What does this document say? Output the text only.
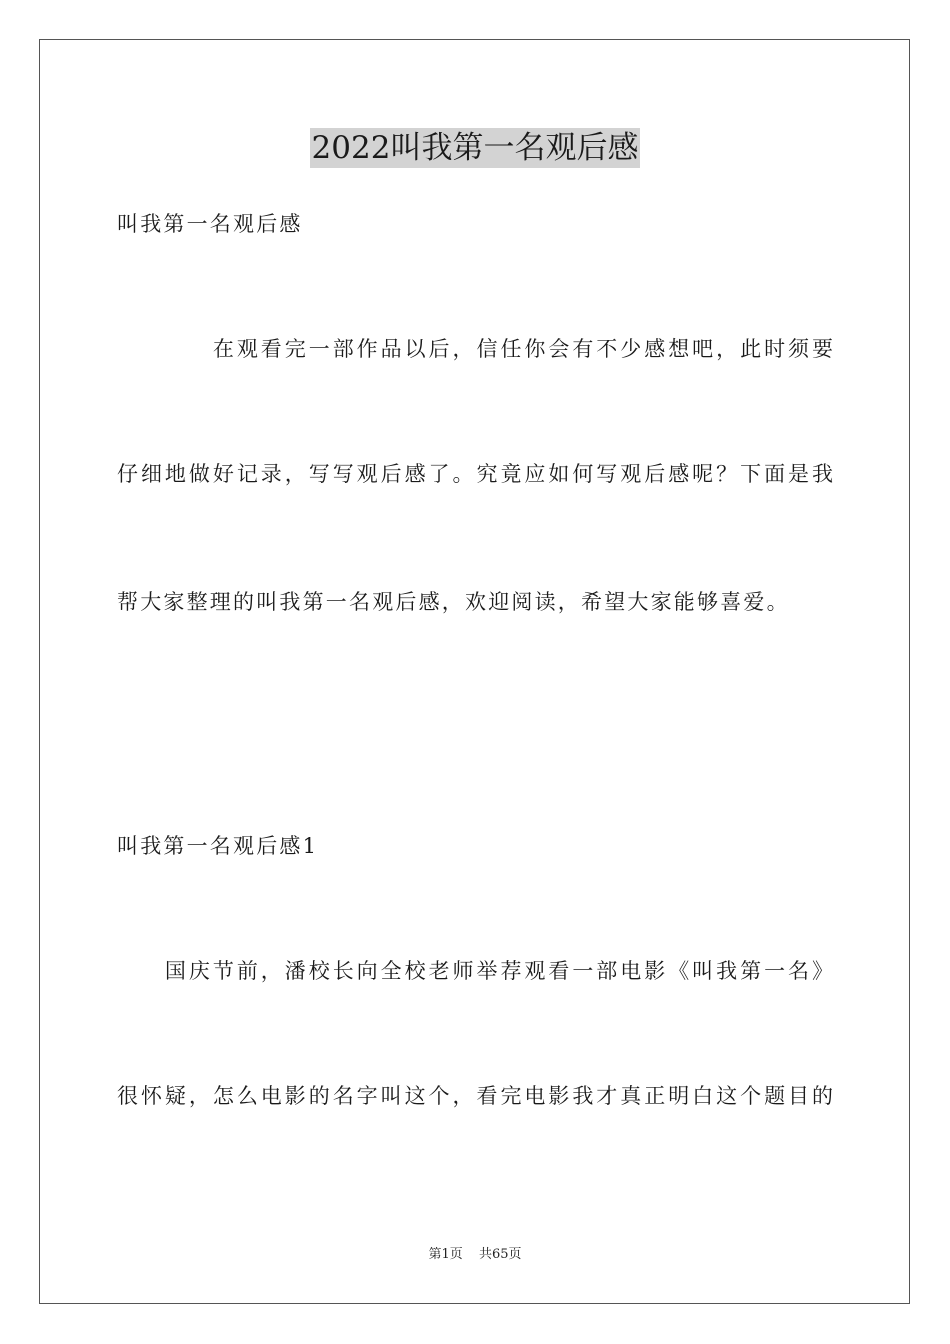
2022叫我第一名观后感
叫我第一名观后感
　　　　在观看完一部作品以后，信任你会有不少感想吧，此时须要
仔细地做好记录，写写观后感了。究竟应如何写观后感呢？下面是我
帮大家整理的叫我第一名观后感，欢迎阅读，希望大家能够喜爱。
叫我第一名观后感1
　　国庆节前，潘校长向全校老师举荐观看一部电影《叫我第一名》
很怀疑，怎么电影的名字叫这个，看完电影我才真正明白这个题目的
第1页 共65页
